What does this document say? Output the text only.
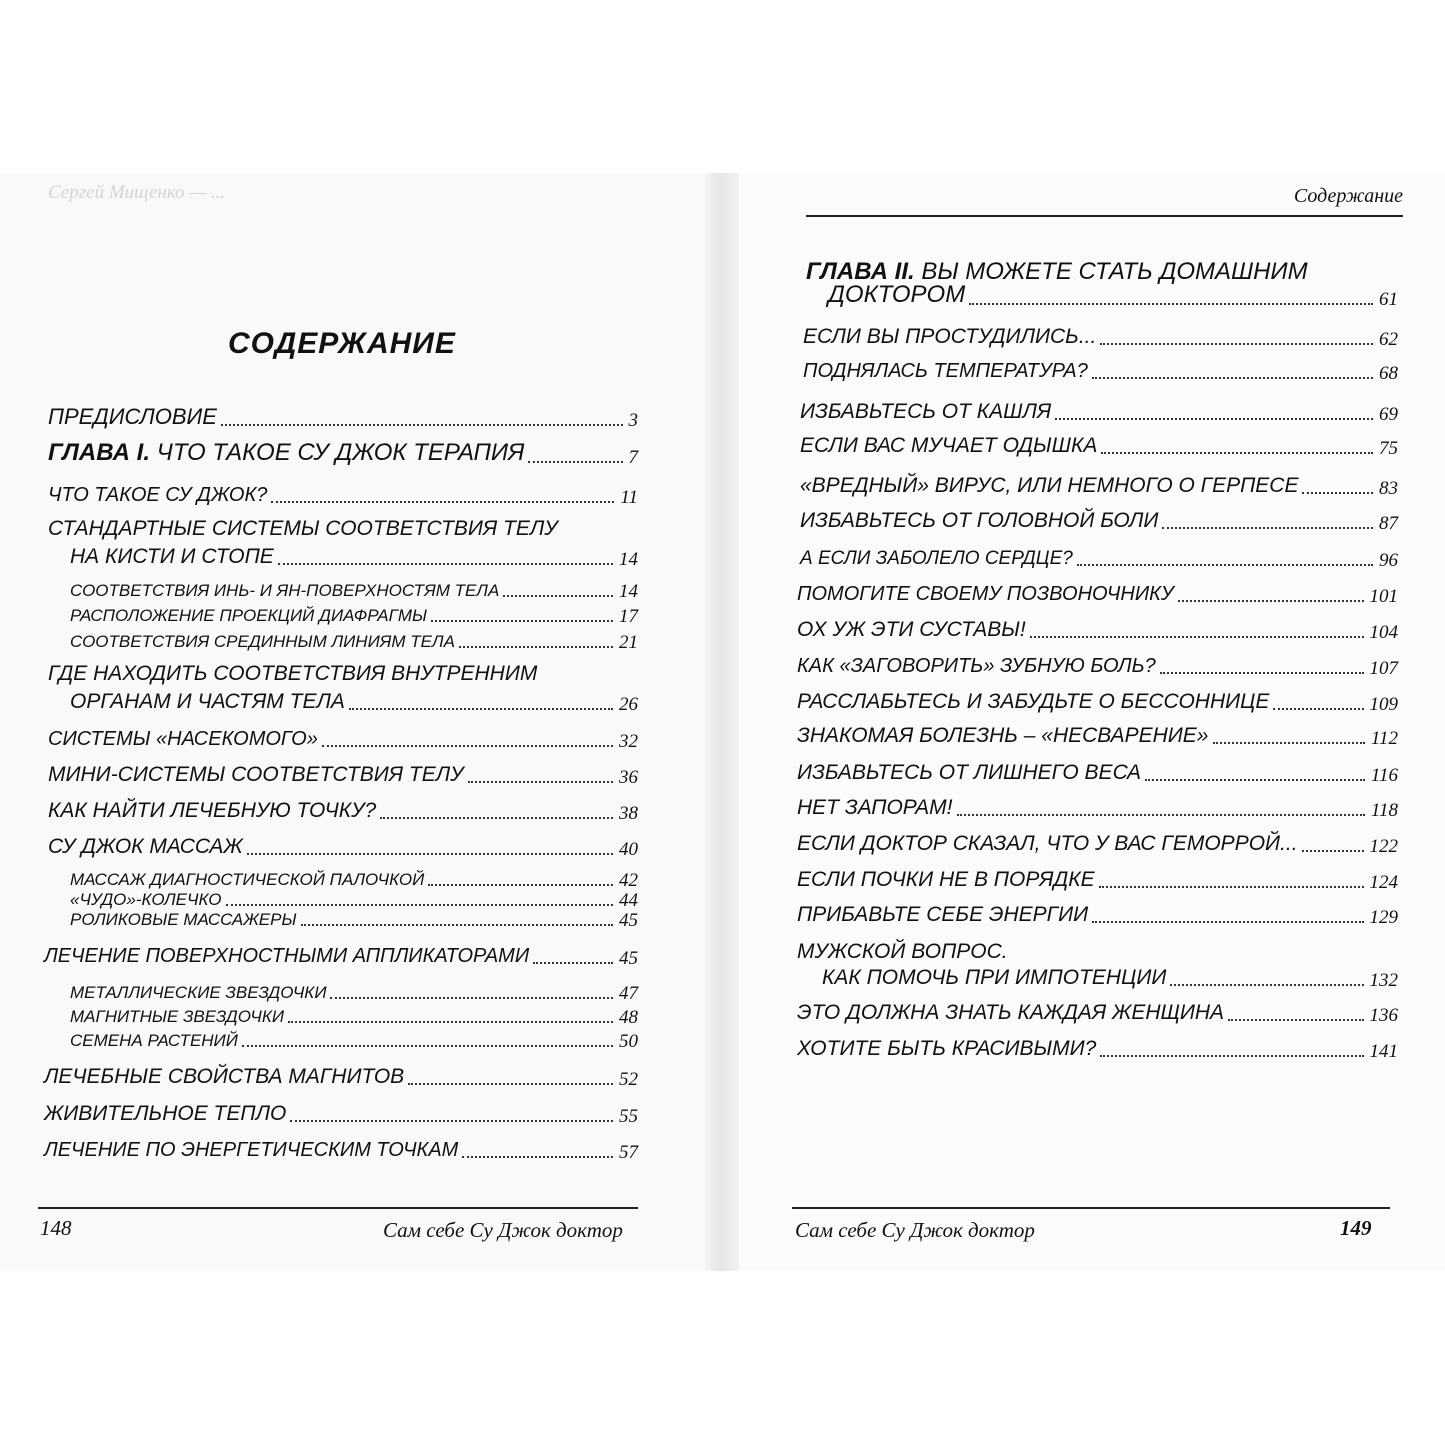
Сергей Мищенко — ...	Содержание
СОДЕРЖАНИЕ
ПРЕДИСЛОВИЕ	3
ГЛАВА I. ЧТО ТАКОЕ СУ ДЖОК ТЕРАПИЯ	7
ЧТО ТАКОЕ СУ ДЖОК?	11
СТАНДАРТНЫЕ СИСТЕМЫ СООТВЕТСТВИЯ ТЕЛУ
НА КИСТИ И СТОПЕ	14
СООТВЕТСТВИЯ ИНЬ- И ЯН-ПОВЕРХНОСТЯМ ТЕЛА	14
РАСПОЛОЖЕНИЕ ПРОЕКЦИЙ ДИАФРАГМЫ	17
СООТВЕТСТВИЯ СРЕДИННЫМ ЛИНИЯМ ТЕЛА	21
ГДЕ НАХОДИТЬ СООТВЕТСТВИЯ ВНУТРЕННИМ
ОРГАНАМ И ЧАСТЯМ ТЕЛА	26
СИСТЕМЫ «НАСЕКОМОГО»	32
МИНИ-СИСТЕМЫ СООТВЕТСТВИЯ ТЕЛУ	36
КАК НАЙТИ ЛЕЧЕБНУЮ ТОЧКУ?	38
СУ ДЖОК МАССАЖ	40
МАССАЖ ДИАГНОСТИЧЕСКОЙ ПАЛОЧКОЙ	42
«ЧУДО»-КОЛЕЧКО	44
РОЛИКОВЫЕ МАССАЖЕРЫ	45
ЛЕЧЕНИЕ ПОВЕРХНОСТНЫМИ АППЛИКАТОРАМИ	45
МЕТАЛЛИЧЕСКИЕ ЗВЕЗДОЧКИ	47
МАГНИТНЫЕ ЗВЕЗДОЧКИ	48
СЕМЕНА РАСТЕНИЙ	50
ЛЕЧЕБНЫЕ СВОЙСТВА МАГНИТОВ	52
ЖИВИТЕЛЬНОЕ ТЕПЛО	55
ЛЕЧЕНИЕ ПО ЭНЕРГЕТИЧЕСКИМ ТОЧКАМ	57
ГЛАВА II. ВЫ МОЖЕТЕ СТАТЬ ДОМАШНИМ
ДОКТОРОМ	61
ЕСЛИ ВЫ ПРОСТУДИЛИСЬ...	62
ПОДНЯЛАСЬ ТЕМПЕРАТУРА?	68
ИЗБАВЬТЕСЬ ОТ КАШЛЯ	69
ЕСЛИ ВАС МУЧАЕТ ОДЫШКА	75
«ВРЕДНЫЙ» ВИРУС, ИЛИ НЕМНОГО О ГЕРПЕСЕ	83
ИЗБАВЬТЕСЬ ОТ ГОЛОВНОЙ БОЛИ	87
А ЕСЛИ ЗАБОЛЕЛО СЕРДЦЕ?	96
ПОМОГИТЕ СВОЕМУ ПОЗВОНОЧНИКУ	101
ОХ УЖ ЭТИ СУСТАВЫ!	104
КАК «ЗАГОВОРИТЬ» ЗУБНУЮ БОЛЬ?	107
РАССЛАБЬТЕСЬ И ЗАБУДЬТЕ О БЕССОННИЦЕ	109
ЗНАКОМАЯ БОЛЕЗНЬ – «НЕСВАРЕНИЕ»	112
ИЗБАВЬТЕСЬ ОТ ЛИШНЕГО ВЕСА	116
НЕТ ЗАПОРАМ!	118
ЕСЛИ ДОКТОР СКАЗАЛ, ЧТО У ВАС ГЕМОРРОЙ...	122
ЕСЛИ ПОЧКИ НЕ В ПОРЯДКЕ	124
ПРИБАВЬТЕ СЕБЕ ЭНЕРГИИ	129
МУЖСКОЙ ВОПРОС.
КАК ПОМОЧЬ ПРИ ИМПОТЕНЦИИ	132
ЭТО ДОЛЖНА ЗНАТЬ КАЖДАЯ ЖЕНЩИНА	136
ХОТИТЕ БЫТЬ КРАСИВЫМИ?	141
148	Сам себе Су Джок доктор	Сам себе Су Джок доктор	149
